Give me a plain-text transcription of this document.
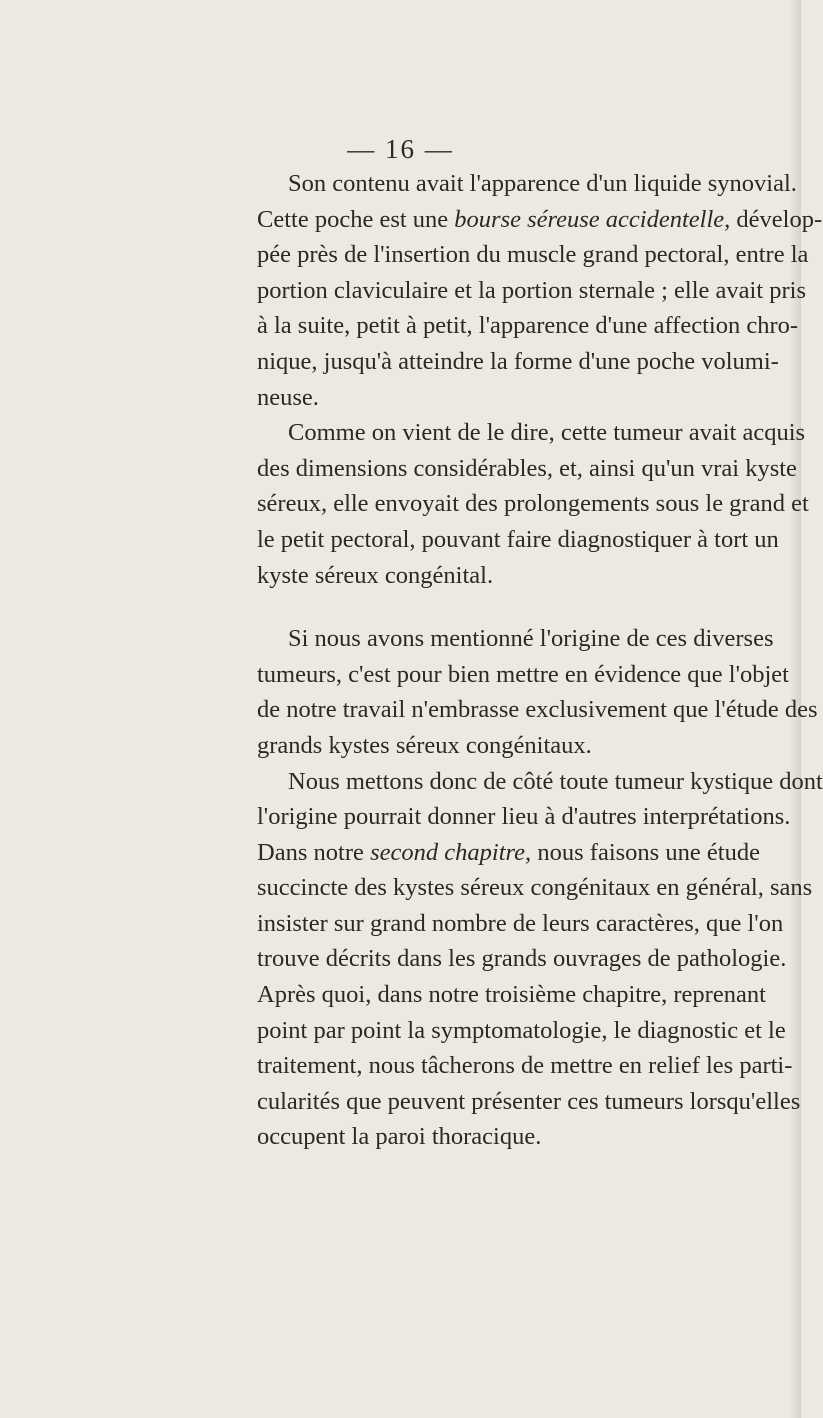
— 16 —
Son contenu avait l'apparence d'un liquide synovial.
Cette poche est une bourse séreuse accidentelle, dévelop-
pée près de l'insertion du muscle grand pectoral, entre la
portion claviculaire et la portion sternale ; elle avait pris
à la suite, petit à petit, l'apparence d'une affection chro-
nique, jusqu'à atteindre la forme d'une poche volumi-
neuse.
Comme on vient de le dire, cette tumeur avait acquis
des dimensions considérables, et, ainsi qu'un vrai kyste
séreux, elle envoyait des prolongements sous le grand et
le petit pectoral, pouvant faire diagnostiquer à tort un
kyste séreux congénital.
Si nous avons mentionné l'origine de ces diverses
tumeurs, c'est pour bien mettre en évidence que l'objet
de notre travail n'embrasse exclusivement que l'étude des
grands kystes séreux congénitaux.
Nous mettons donc de côté toute tumeur kystique dont
l'origine pourrait donner lieu à d'autres interprétations.
Dans notre second chapitre, nous faisons une étude
succincte des kystes séreux congénitaux en général, sans
insister sur grand nombre de leurs caractères, que l'on
trouve décrits dans les grands ouvrages de pathologie.
Après quoi, dans notre troisième chapitre, reprenant
point par point la symptomatologie, le diagnostic et le
traitement, nous tâcherons de mettre en relief les parti-
cularités que peuvent présenter ces tumeurs lorsqu'elles
occupent la paroi thoracique.
